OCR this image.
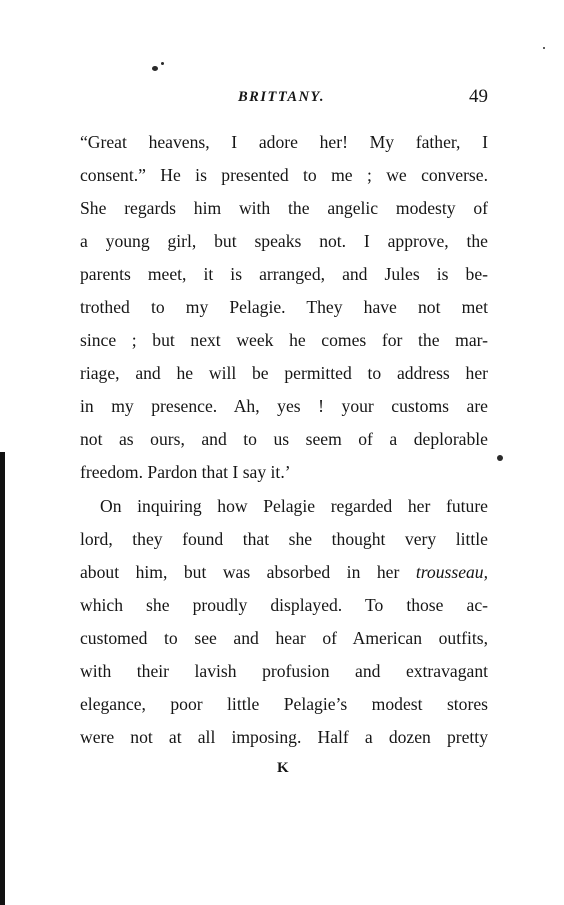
BRITTANY.	49
“Great heavens, I adore her! My father, I
consent.” He is presented to me ; we converse.
She regards him with the angelic modesty of
a young girl, but speaks not. I approve, the
parents meet, it is arranged, and Jules is be-
trothed to my Pelagie. They have not met
since ; but next week he comes for the mar-
riage, and he will be permitted to address her
in my presence. Ah, yes ! your customs are
not as ours, and to us seem of a deplorable
freedom. Pardon that I say it.’
On inquiring how Pelagie regarded her future
lord, they found that she thought very little
about him, but was absorbed in her trousseau,
which she proudly displayed. To those ac-
customed to see and hear of American outfits,
with their lavish profusion and extravagant
elegance, poor little Pelagie’s modest stores
were not at all imposing. Half a dozen pretty
K
